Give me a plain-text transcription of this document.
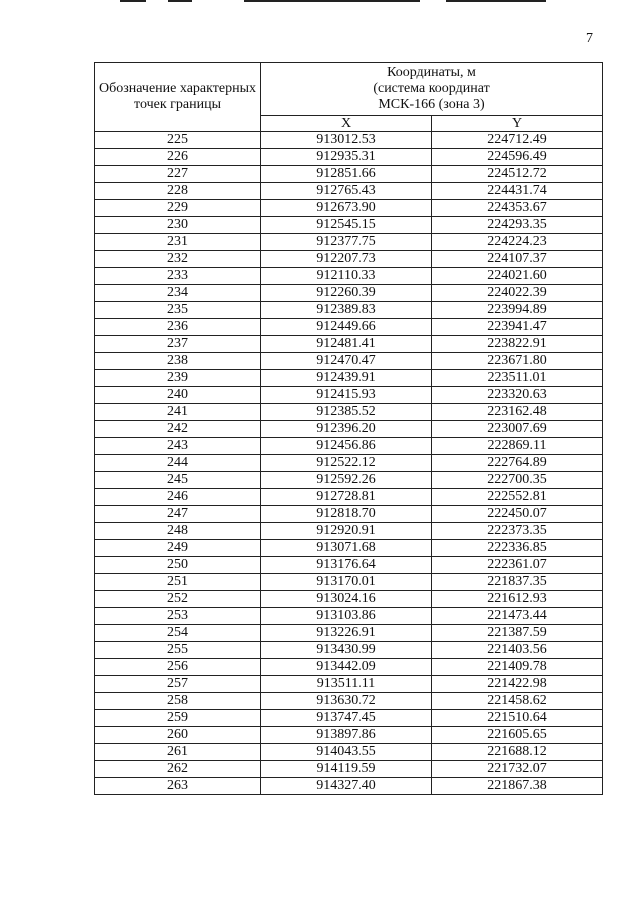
7
Обозначение характерных точек границы	Координаты, м
(система координат
МСК-166 (зона 3)	

	X	Y
225	913012.53	224712.49
226	912935.31	224596.49
227	912851.66	224512.72
228	912765.43	224431.74
229	912673.90	224353.67
230	912545.15	224293.35
231	912377.75	224224.23
232	912207.73	224107.37
233	912110.33	224021.60
234	912260.39	224022.39
235	912389.83	223994.89
236	912449.66	223941.47
237	912481.41	223822.91
238	912470.47	223671.80
239	912439.91	223511.01
240	912415.93	223320.63
241	912385.52	223162.48
242	912396.20	223007.69
243	912456.86	222869.11
244	912522.12	222764.89
245	912592.26	222700.35
246	912728.81	222552.81
247	912818.70	222450.07
248	912920.91	222373.35
249	913071.68	222336.85
250	913176.64	222361.07
251	913170.01	221837.35
252	913024.16	221612.93
253	913103.86	221473.44
254	913226.91	221387.59
255	913430.99	221403.56
256	913442.09	221409.78
257	913511.11	221422.98
258	913630.72	221458.62
259	913747.45	221510.64
260	913897.86	221605.65
261	914043.55	221688.12
262	914119.59	221732.07
263	914327.40	221867.38
